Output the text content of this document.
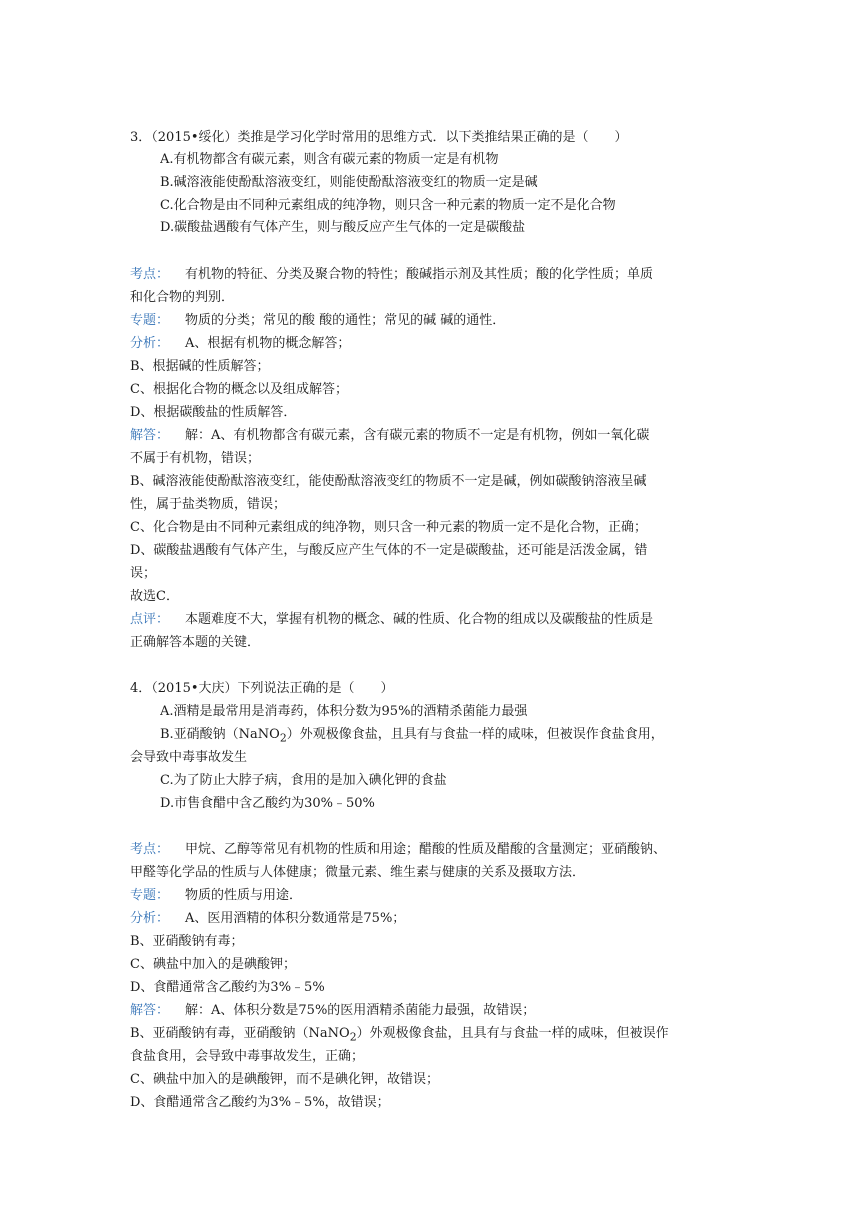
3．（2015•绥化）类推是学习化学时常用的思维方式．以下类推结果正确的是（　　）
A.有机物都含有碳元素，则含有碳元素的物质一定是有机物
B.碱溶液能使酚酞溶液变红，则能使酚酞溶液变红的物质一定是碱
C.化合物是由不同种元素组成的纯净物，则只含一种元素的物质一定不是化合物
D.碳酸盐遇酸有气体产生，则与酸反应产生气体的一定是碳酸盐
考点： 有机物的特征、分类及聚合物的特性；酸碱指示剂及其性质；酸的化学性质；单质
和化合物的判别．
专题： 物质的分类；常见的酸 酸的通性；常见的碱 碱的通性．
分析： A、根据有机物的概念解答；
B、根据碱的性质解答；
C、根据化合物的概念以及组成解答；
D、根据碳酸盐的性质解答．
解答： 解：A、有机物都含有碳元素，含有碳元素的物质不一定是有机物，例如一氧化碳
不属于有机物，错误；
B、碱溶液能使酚酞溶液变红，能使酚酞溶液变红的物质不一定是碱，例如碳酸钠溶液呈碱
性，属于盐类物质，错误；
C、化合物是由不同种元素组成的纯净物，则只含一种元素的物质一定不是化合物，正确；
D、碳酸盐遇酸有气体产生，与酸反应产生气体的不一定是碳酸盐，还可能是活泼金属，错
误；
故选C．
点评： 本题难度不大，掌握有机物的概念、碱的性质、化合物的组成以及碳酸盐的性质是
正确解答本题的关键．
4．（2015•大庆）下列说法正确的是（　　）
A.酒精是最常用是消毒药，体积分数为95%的酒精杀菌能力最强
B.亚硝酸钠（NaNO$_2$）外观极像食盐，且具有与食盐一样的咸味，但被误作食盐食用，
会导致中毒事故发生
C.为了防止大脖子病，食用的是加入碘化钾的食盐
D.市售食醋中含乙酸约为30%﹣50%
考点： 甲烷、乙醇等常见有机物的性质和用途；醋酸的性质及醋酸的含量测定；亚硝酸钠、
甲醛等化学品的性质与人体健康；微量元素、维生素与健康的关系及摄取方法．
专题： 物质的性质与用途．
分析： A、医用酒精的体积分数通常是75%；
B、亚硝酸钠有毒；
C、碘盐中加入的是碘酸钾；
D、食醋通常含乙酸约为3%﹣5%
解答： 解：A、体积分数是75%的医用酒精杀菌能力最强，故错误；
B、亚硝酸钠有毒，亚硝酸钠（NaNO$_2$）外观极像食盐，且具有与食盐一样的咸味，但被误作
食盐食用，会导致中毒事故发生，正确；
C、碘盐中加入的是碘酸钾，而不是碘化钾，故错误；
D、食醋通常含乙酸约为3%﹣5%，故错误；
